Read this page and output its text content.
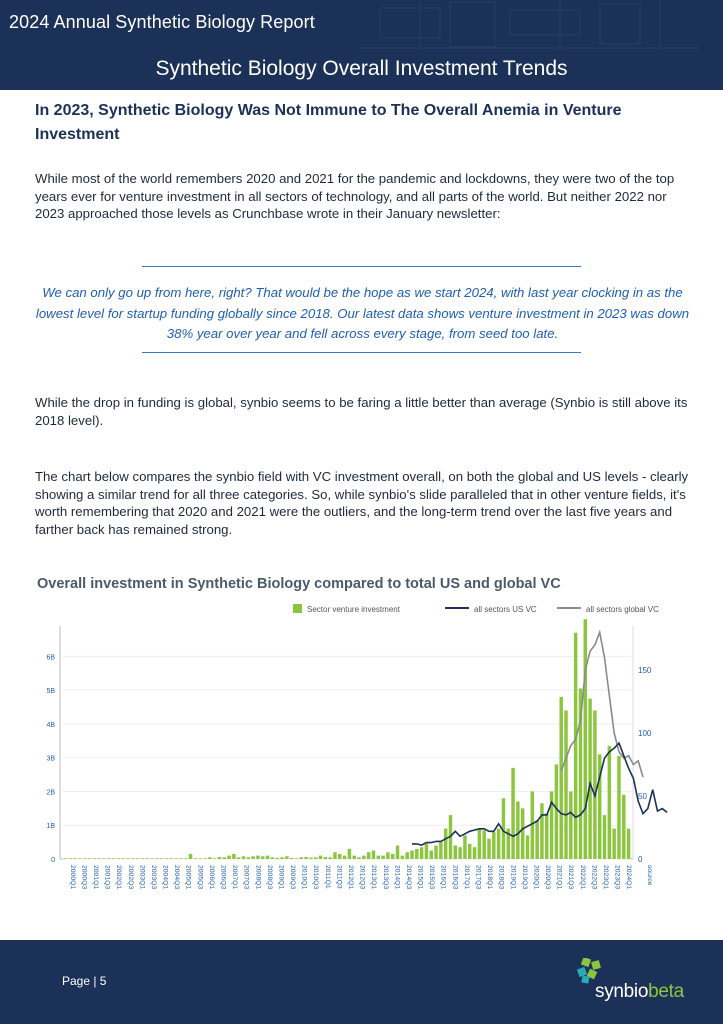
2024 Annual Synthetic Biology Report
Synthetic Biology Overall Investment Trends
In 2023, Synthetic Biology Was Not Immune to The Overall Anemia in Venture Investment
While most of the world remembers 2020 and 2021 for the pandemic and lockdowns, they were two of the top years ever for venture investment in all sectors of technology, and all parts of the world. But neither 2022 nor 2023 approached those levels as Crunchbase wrote in their January newsletter:
We can only go up from here, right? That would be the hope as we start 2024, with last year clocking in as the lowest level for startup funding globally since 2018. Our latest data shows venture investment in 2023 was down 38% year over year and fell across every stage, from seed too late.
While the drop in funding is global, synbio seems to be faring a little better than average (Synbio is still above its 2018 level).
The chart below compares the synbio field with VC investment overall, on both the global and US levels - clearly showing a similar trend for all three categories. So, while synbio's slide paralleled that in other venture fields, it's worth remembering that 2020 and 2021 were the outliers, and the long-term trend over the last five years and farther back has remained strong.
Overall investment in Synthetic Biology compared to total US and global VC
Sector venture investment	all sectors US VC	all sectors global VC
0
1B
2B
3B
4B
5B
6B
0
50
100
150
2000Q1 2000Q3 2001Q1 2001Q3 2002Q1 2002Q3 2003Q1 2003Q3 2004Q1 2004Q3 2005Q1 2005Q3 2006Q1 2006Q3 2007Q1 2007Q3 2008Q1 2008Q3 2009Q1 2009Q3 2010Q1 2010Q3 2011Q1 2011Q3 2012Q1 2012Q3 2013Q1 2013Q3 2014Q1 2014Q3 2015Q1 2015Q3 2016Q1 2016Q3 2017Q1 2017Q3 2018Q1 2018Q3 2019Q1 2019Q3 2020Q1 2020Q3 2021Q1 2021Q3 2022Q1 2022Q3 2023Q1 2023Q3 2024Q1 source
Page | 5	synbiobeta
